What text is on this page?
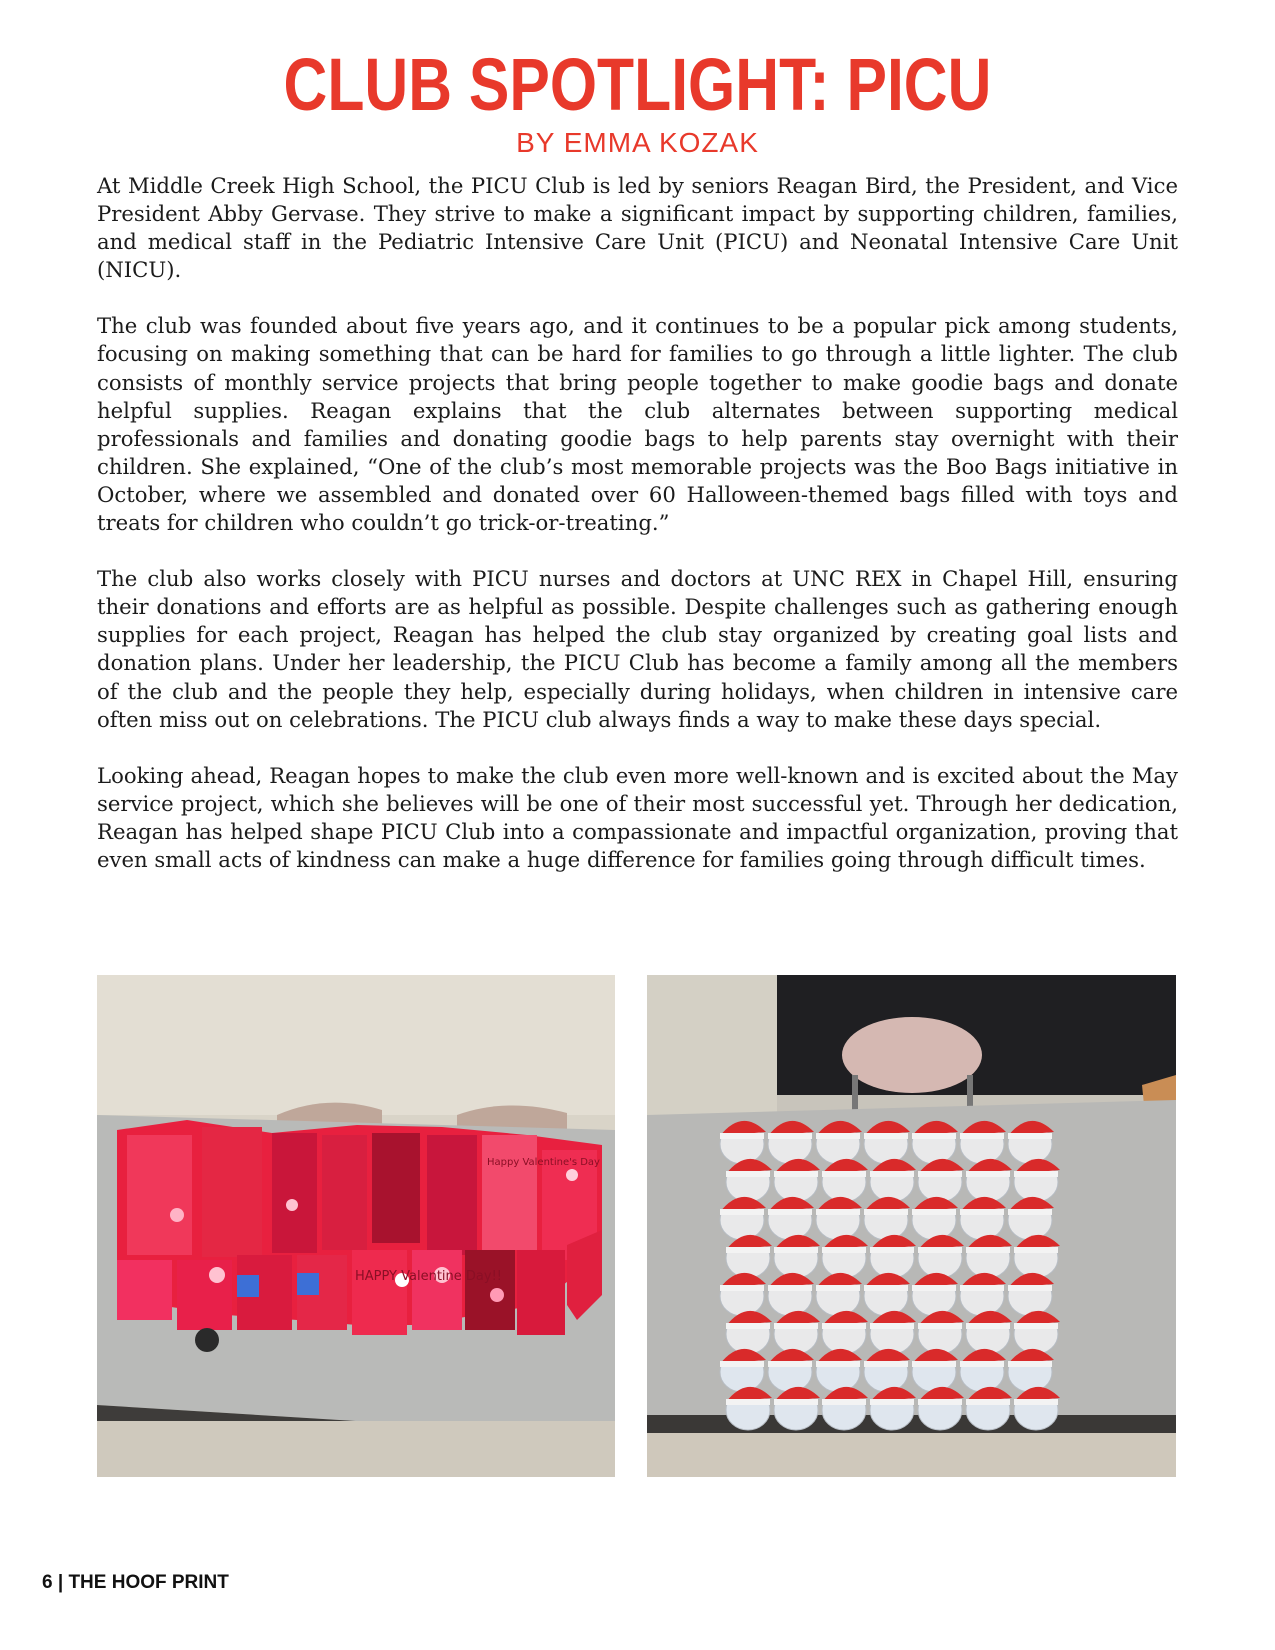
CLUB SPOTLIGHT: PICU
BY EMMA KOZAK

At Middle Creek High School, the PICU Club is led by seniors Reagan Bird, the President, and Vice President Abby Gervase. They strive to make a significant impact by supporting children, families, and medical staff in the Pediatric Intensive Care Unit (PICU) and Neonatal Intensive Care Unit (NICU).

The club was founded about five years ago, and it continues to be a popular pick among students, focusing on making something that can be hard for families to go through a little lighter. The club consists of monthly service projects that bring people together to make goodie bags and donate helpful supplies. Reagan explains that the club alternates between supporting medical professionals and families and donating goodie bags to help parents stay overnight with their children. She explained, “One of the club’s most memorable projects was the Boo Bags initiative in October, where we assembled and donated over 60 Halloween-themed bags filled with toys and treats for children who couldn’t go trick-or-treating.”

The club also works closely with PICU nurses and doctors at UNC REX in Chapel Hill, ensuring their donations and efforts are as helpful as possible. Despite challenges such as gathering enough supplies for each project, Reagan has helped the club stay organized by creating goal lists and donation plans. Under her leadership, the PICU Club has become a family among all the members of the club and the people they help, especially during holidays, when children in intensive care often miss out on celebrations. The PICU club always finds a way to make these days special.

Looking ahead, Reagan hopes to make the club even more well-known and is excited about the May service project, which she believes will be one of their most successful yet. Through her dedication, Reagan has helped shape PICU Club into a compassionate and impactful organization, proving that even small acts of kindness can make a huge difference for families going through difficult times.

HAPPY Valentine Day!!
Happy Valentine's Day
6 | THE HOOF PRINT
